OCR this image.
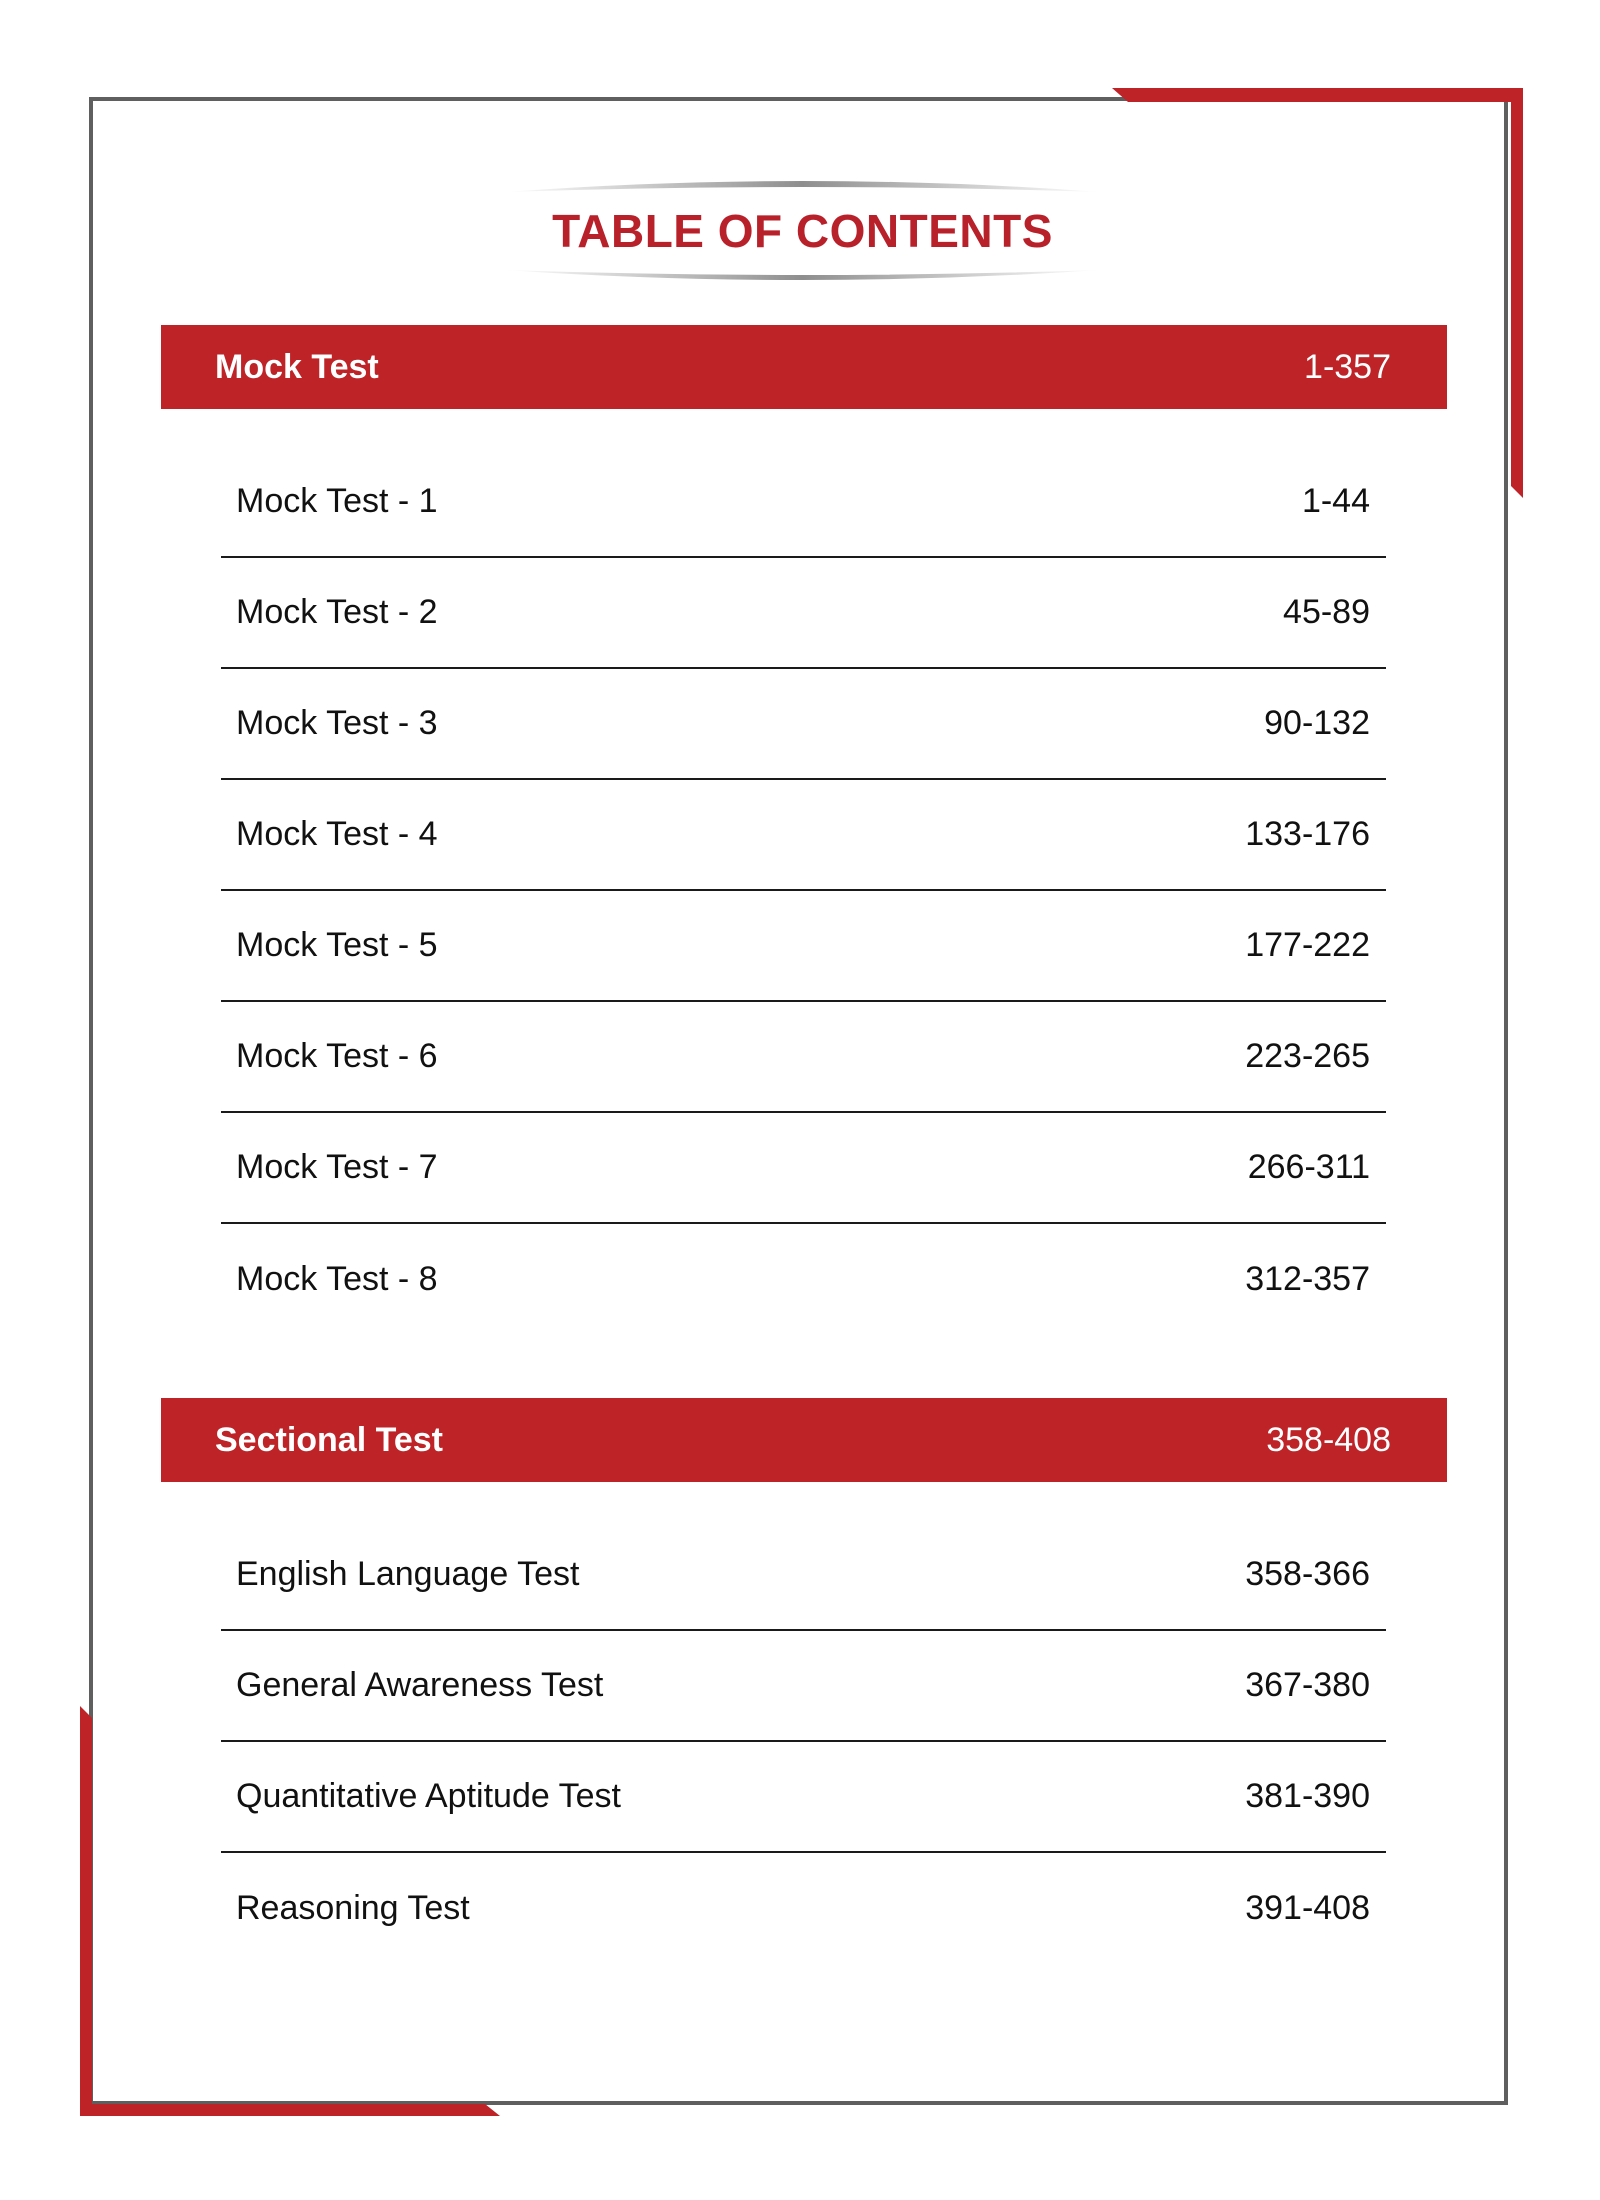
TABLE OF CONTENTS
Mock Test	1-357
Mock Test - 1	1-44
Mock Test - 2	45-89
Mock Test - 3	90-132
Mock Test - 4	133-176
Mock Test - 5	177-222
Mock Test - 6	223-265
Mock Test - 7	266-311
Mock Test - 8	312-357
Sectional Test	358-408
English Language Test	358-366
General Awareness Test	367-380
Quantitative Aptitude Test	381-390
Reasoning Test	391-408
